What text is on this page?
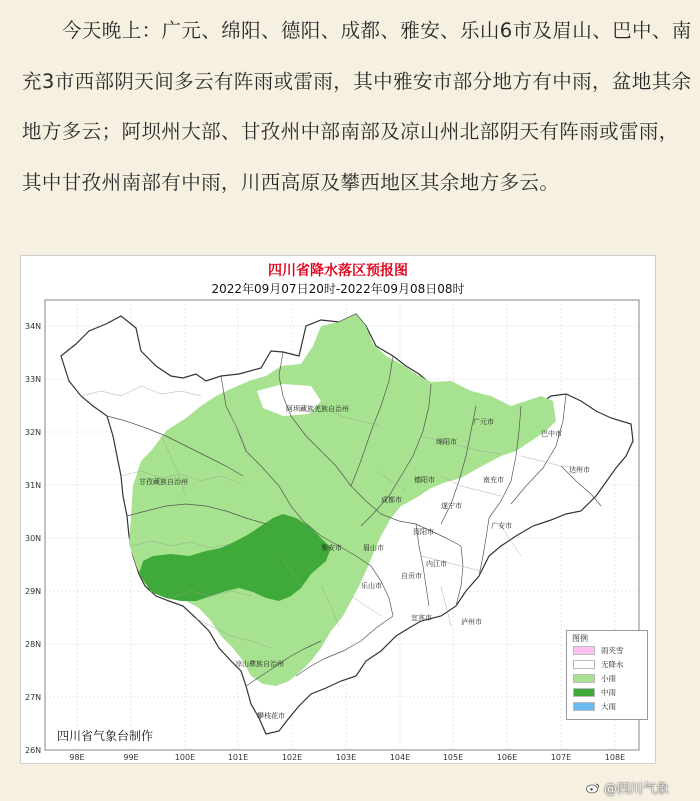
今天晚上：广元、绵阳、德阳、成都、雅安、乐山6市及眉山、巴中、南充3市西部阴天间多云有阵雨或雷雨，其中雅安市部分地方有中雨，盆地其余地方多云；阿坝州大部、甘孜州中部南部及凉山州北部阴天有阵雨或雷雨，其中甘孜州南部有中雨，川西高原及攀西地区其余地方多云。

34N
33N
32N
31N
30N
29N
28N
27N
26N
98E	99E	100E	101E	102E	103E	104E	105E	106E	107E	108E
阿坝藏族羌族自治州
甘孜藏族自治州
凉山彝族自治州
广元市
巴中市
绵阳市
德阳市	南充市
达州市
成都市
遂宁市
广安市
资阳市
眉山市
雅安市
内江市
自贡市
乐山市
宜宾市	泸州市
攀枝花市
四川省降水落区预报图
2022年09月07日20时-2022年09月08日08时
图例
雨夹雪
无降水
小雨
中雨
大雨
四川省气象台制作
@四川气象
